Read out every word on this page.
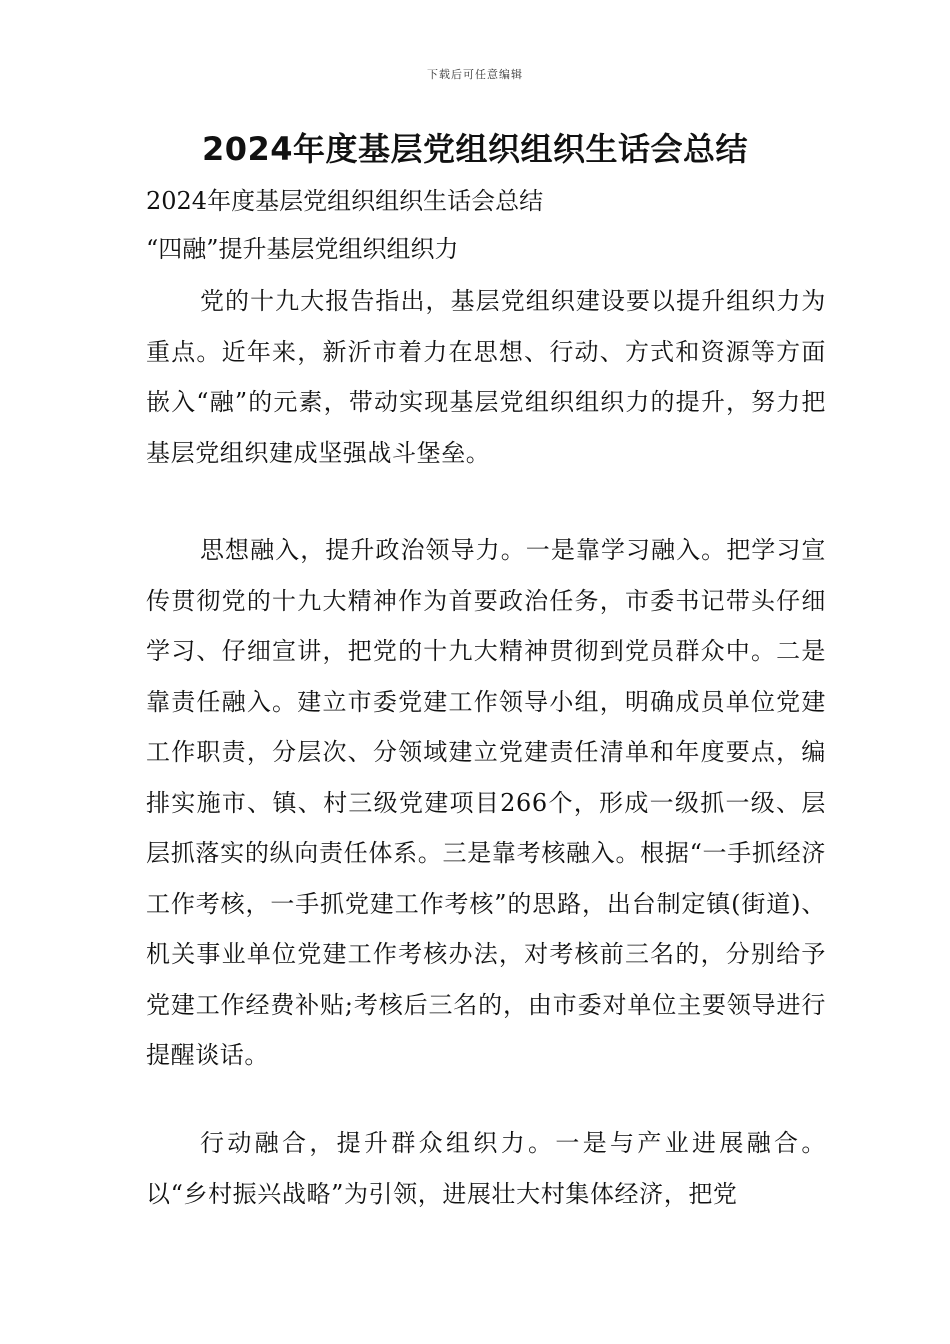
下载后可任意编辑
2024年度基层党组织组织生话会总结
2024年度基层党组织组织生话会总结
“四融”提升基层党组织组织力

党的十九大报告指出，基层党组织建设要以提升组织力为重点。近年来，新沂市着力在思想、行动、方式和资源等方面嵌入“融”的元素，带动实现基层党组织组织力的提升，努力把基层党组织建成坚强战斗堡垒。

思想融入，提升政治领导力。一是靠学习融入。把学习宣传贯彻党的十九大精神作为首要政治任务，市委书记带头仔细学习、仔细宣讲，把党的十九大精神贯彻到党员群众中。二是靠责任融入。建立市委党建工作领导小组，明确成员单位党建工作职责，分层次、分领域建立党建责任清单和年度要点，编排实施市、镇、村三级党建项目266个，形成一级抓一级、层层抓落实的纵向责任体系。三是靠考核融入。根据“一手抓经济工作考核，一手抓党建工作考核”的思路，出台制定镇(街道)、机关事业单位党建工作考核办法，对考核前三名的，分别给予党建工作经费补贴;考核后三名的，由市委对单位主要领导进行提醒谈话。

行动融合，提升群众组织力。一是与产业进展融合。以“乡村振兴战略”为引领，进展壮大村集体经济，把党
